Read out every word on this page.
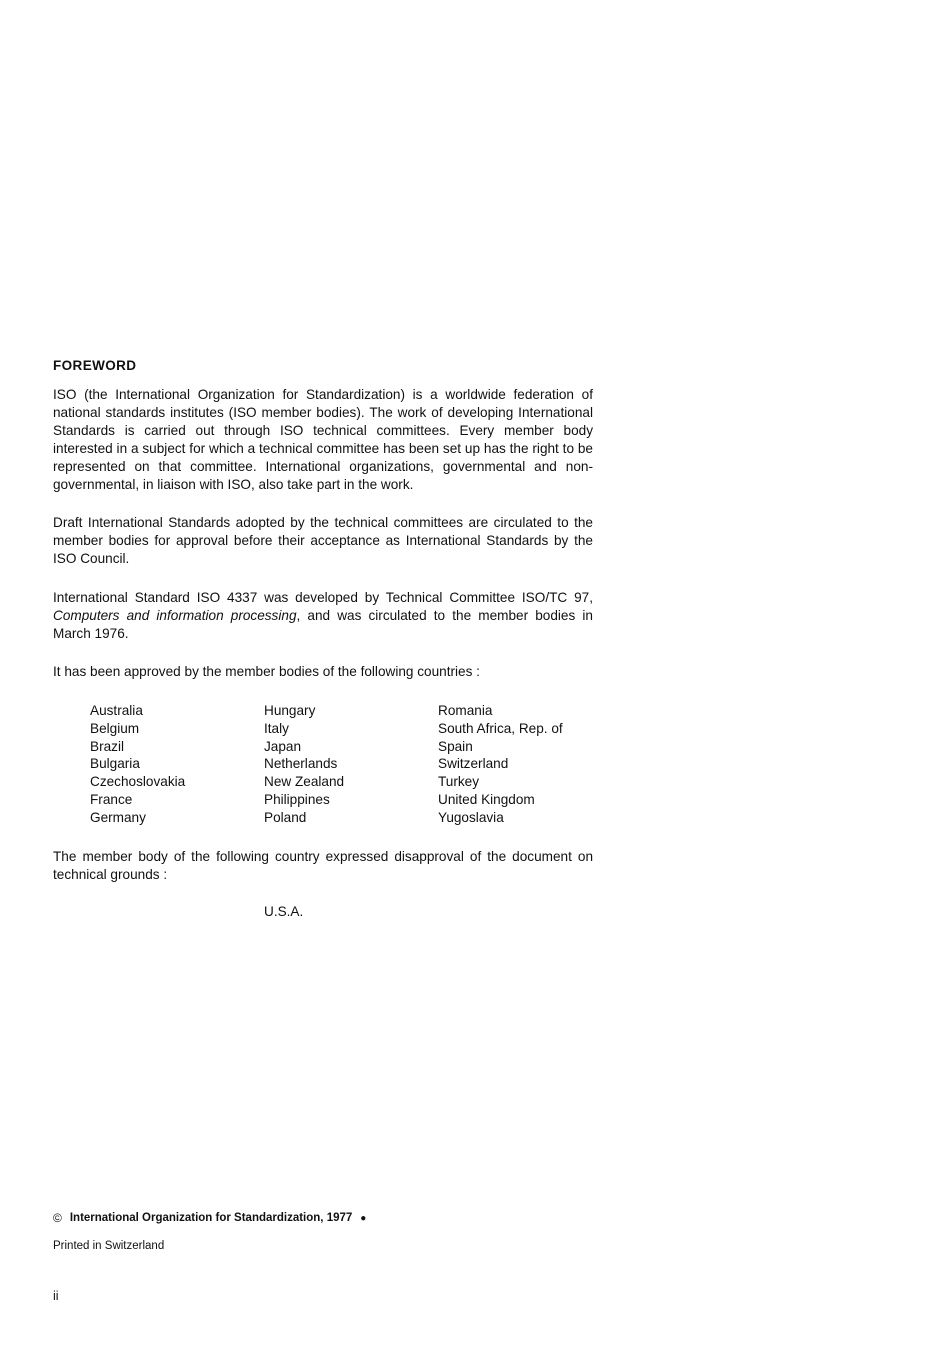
FOREWORD

ISO (the International Organization for Standardization) is a worldwide federation of national standards institutes (ISO member bodies). The work of developing International Standards is carried out through ISO technical committees. Every member body interested in a subject for which a technical committee has been set up has the right to be represented on that committee. International organizations, governmental and non-governmental, in liaison with ISO, also take part in the work.

Draft International Standards adopted by the technical committees are circulated to the member bodies for approval before their acceptance as International Standards by the ISO Council.

International Standard ISO 4337 was developed by Technical Committee ISO/TC 97, Computers and information processing, and was circulated to the member bodies in March 1976.

It has been approved by the member bodies of the following countries :

Australia
Belgium
Brazil
Bulgaria
Czechoslovakia
France
Germany
Hungary
Italy
Japan
Netherlands
New Zealand
Philippines
Poland
Romania
South Africa, Rep. of
Spain
Switzerland
Turkey
United Kingdom
Yugoslavia

The member body of the following country expressed disapproval of the document on technical grounds :

U.S.A.
© International Organization for Standardization, 1977 ●
Printed in Switzerland
ii
